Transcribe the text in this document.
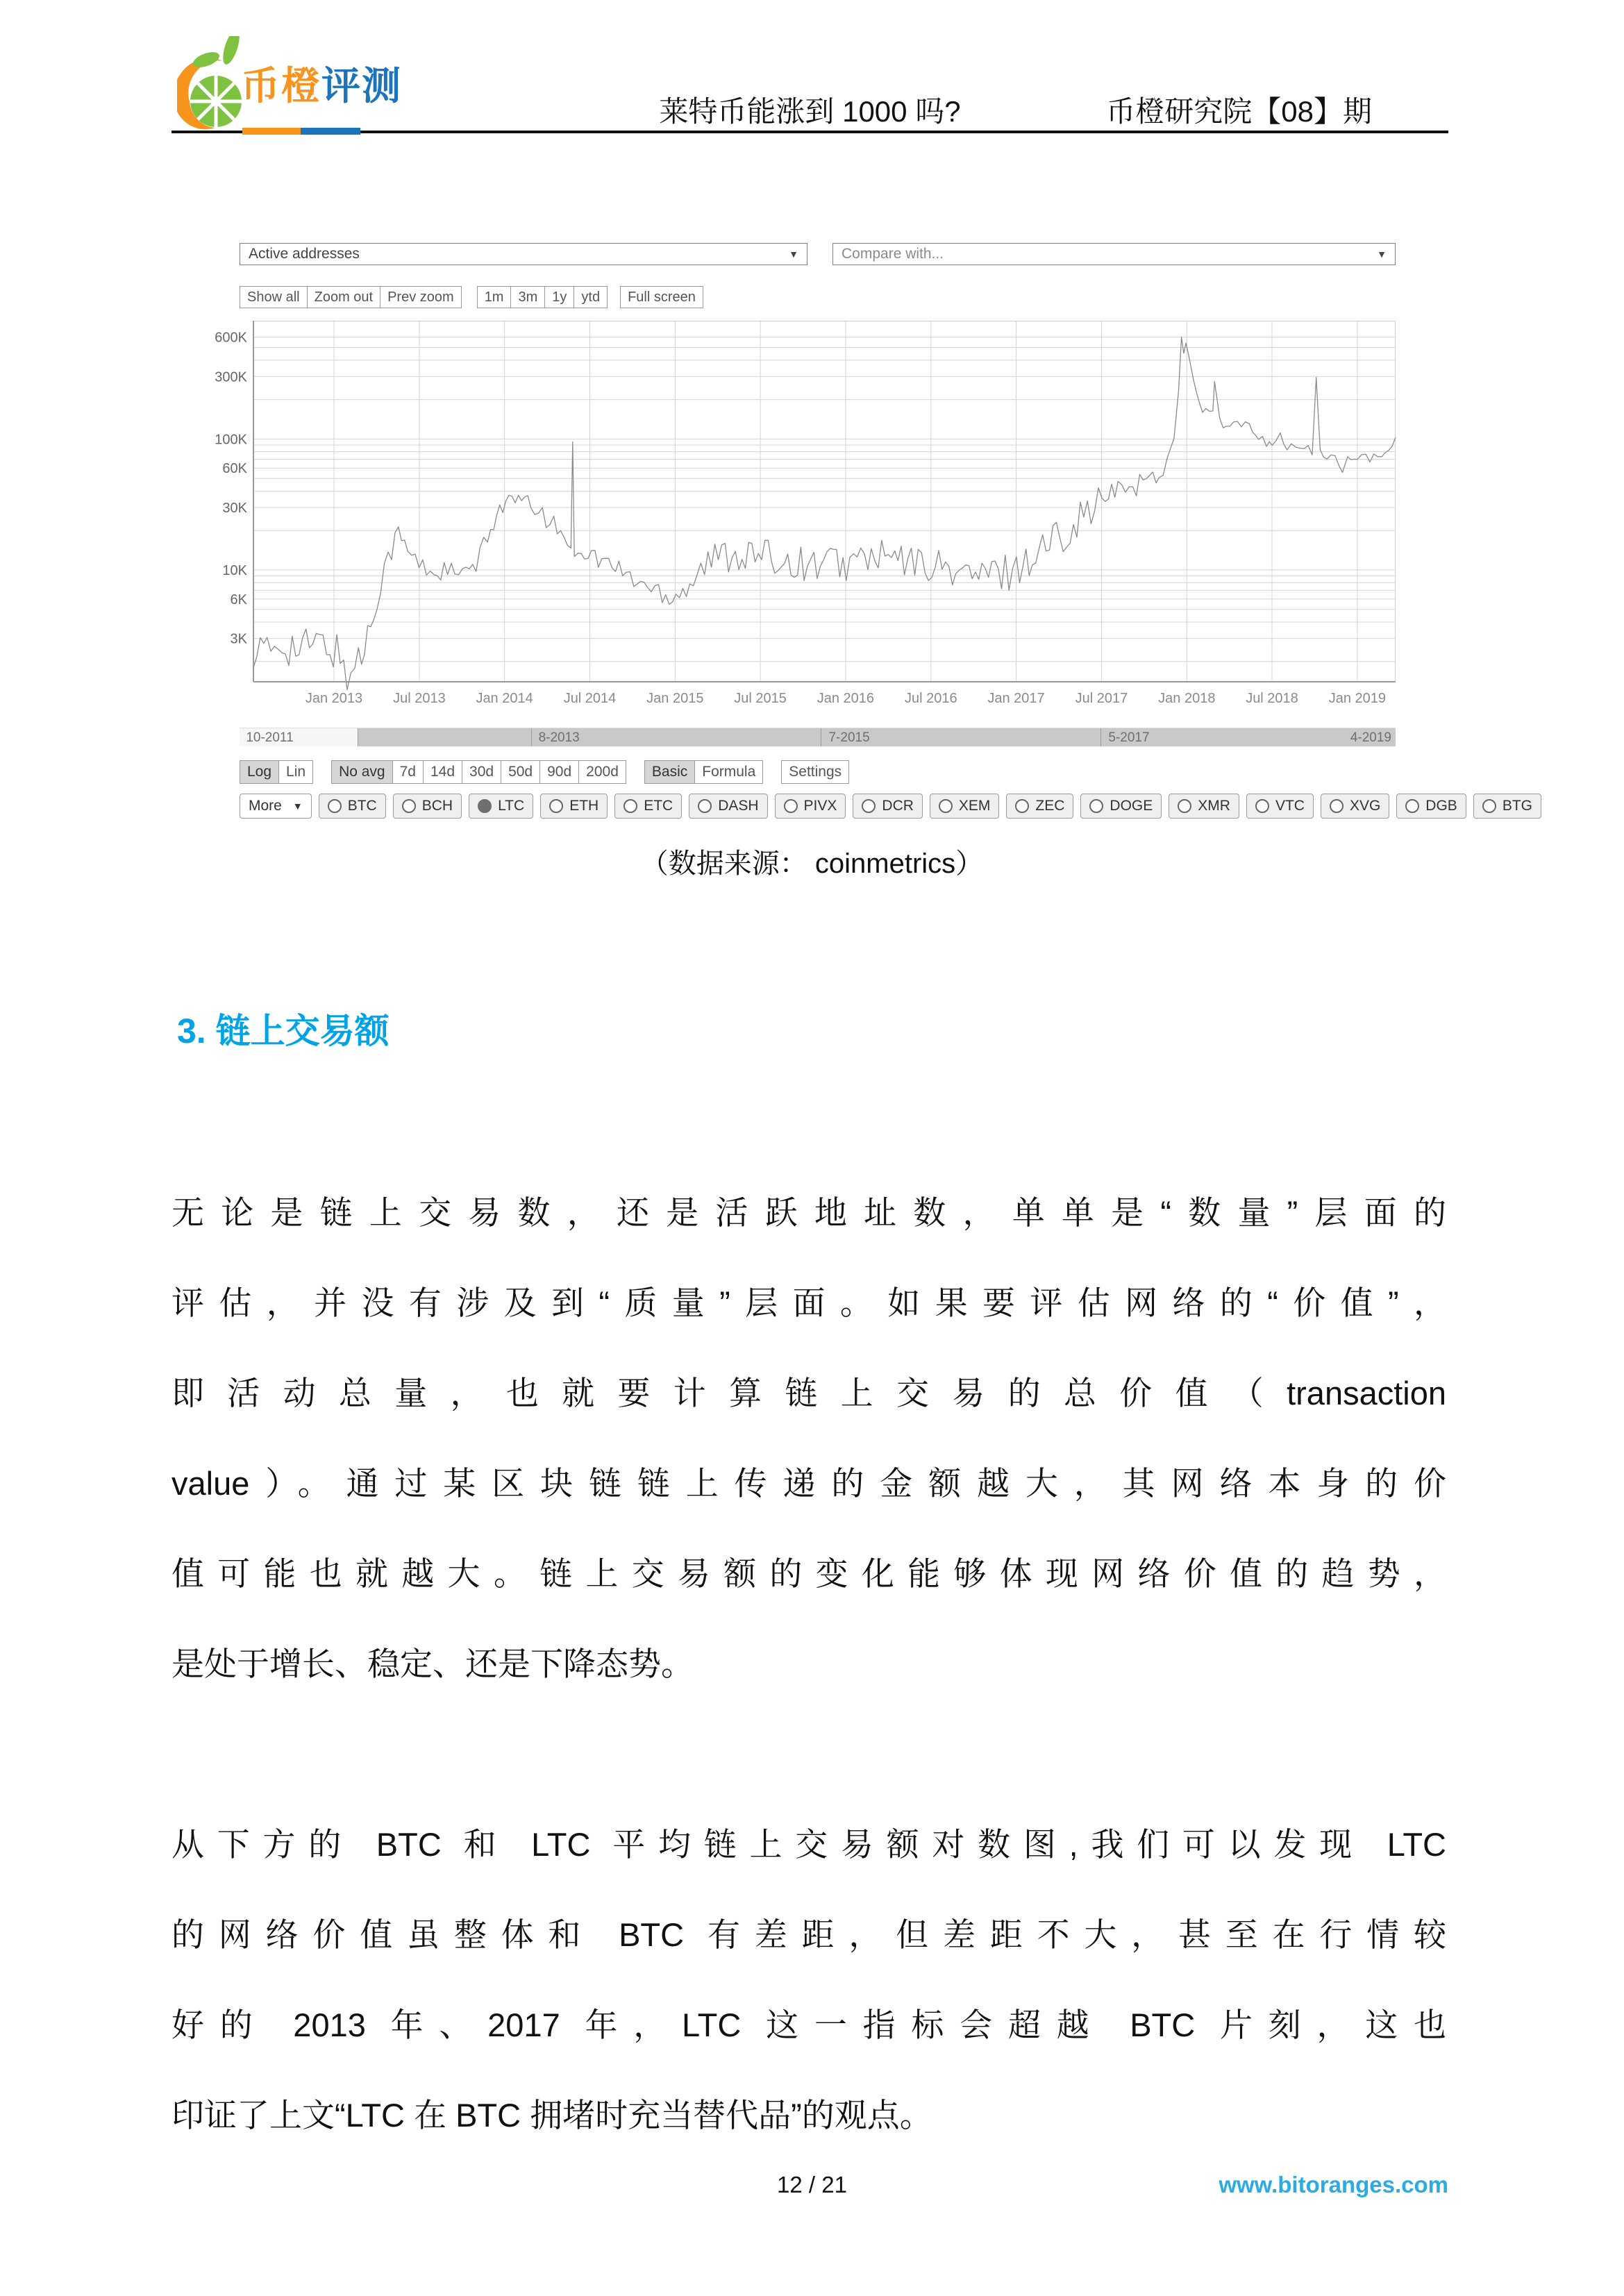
币橙评测
莱特币能涨到 1000 吗?	币橙研究院【08】期
Active addresses	▼	Compare with...	▼
Show all	Zoom out	Prev zoom	1m	3m	1y	ytd	Full screen
Jan 2013 Jul 2013 Jan 2014 Jul 2014 Jan 2015 Jul 2015 Jan 2016 Jul 2016 Jan 2017 Jul 2017 Jan 2018 Jul 2018 Jan 2019
600K
300K
100K
60K
30K
10K
6K
3K
10-2011	8-2013	7-2015	5-2017	4-2019
Log	Lin	No avg	7d	14d	30d	50d	90d	200d	Basic	Formula	Settings
More ▼	BTC	BCH	LTC	ETH	ETC	DASH	PIVX	DCR	XEM	ZEC	DOGE	XMR	VTC	XVG	DGB	BTG
（数据来源： coinmetrics）
3. 链上交易额
无论是链上交易数，还是活跃地址数，单单是“数量”层面的
评估，并没有涉及到“质量”层面。如果要评估网络的“价值”，
即活动总量，也就要计算链上交易的总价值（transaction
value）。通过某区块链链上传递的金额越大，其网络本身的价
值可能也就越大。链上交易额的变化能够体现网络价值的趋势，
是处于增长、稳定、还是下降态势。
从下方的 BTC 和 LTC 平均链上交易额对数图,我们可以发现 LTC
的网络价值虽整体和 BTC 有差距，但差距不大，甚至在行情较
好的 2013 年、2017 年，LTC 这一指标会超越 BTC 片刻，这也
印证了上文“LTC 在 BTC 拥堵时充当替代品”的观点。
12 / 21	www.bitoranges.com
